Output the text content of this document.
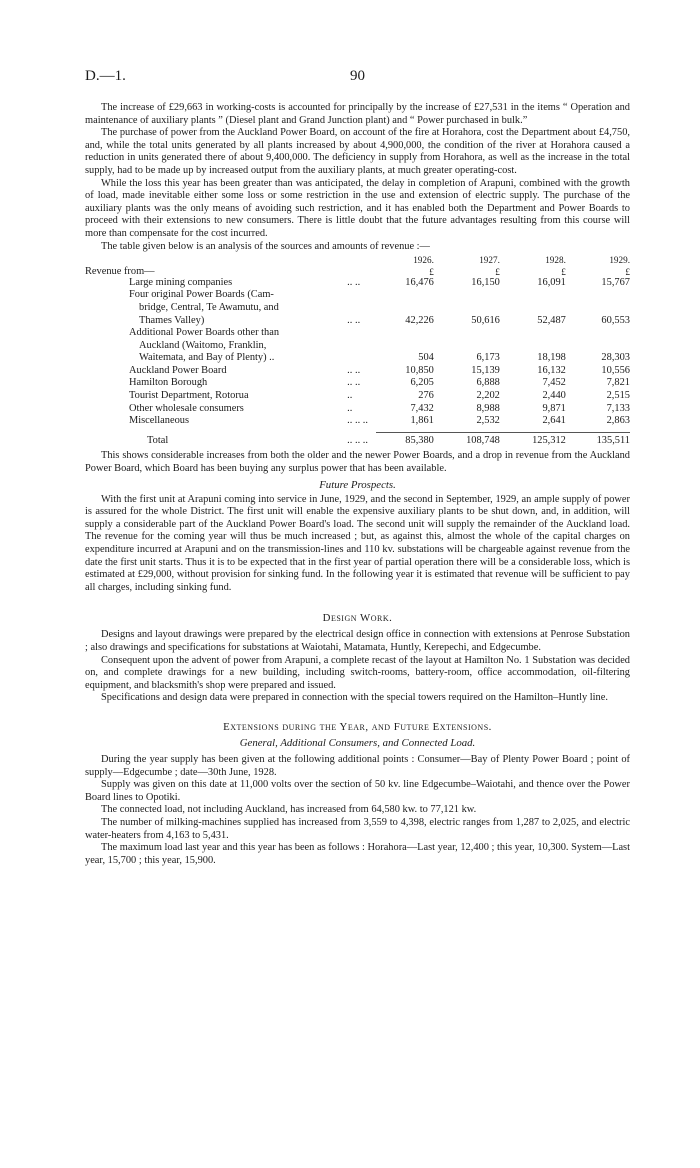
D.—1.	90

The increase of £29,663 in working-costs is accounted for principally by the increase of £27,531 in the items “ Operation and maintenance of auxiliary plants ” (Diesel plant and Grand Junction plant) and “ Power purchased in bulk.”

The purchase of power from the Auckland Power Board, on account of the fire at Horahora, cost the Department about £4,750, and, while the total units generated by all plants increased by about 4,900,000, the condition of the river at Horahora caused a reduction in units generated there of about 9,400,000. The deficiency in supply from Horahora, as well as the increase in the total supply, had to be made up by increased output from the auxiliary plants, at much greater operating-cost.

While the loss this year has been greater than was anticipated, the delay in completion of Arapuni, combined with the growth of load, made inevitable either some loss or some restriction in the use and extension of electric supply. The purchase of the auxiliary plants was the only means of avoiding such restriction, and it has enabled both the Department and Power Boards to proceed with their extensions to new consumers. There is little doubt that the future advantages resulting from this course will more than compensate for the cost incurred.

The table given below is an analysis of the sources and amounts of revenue :—

		1926.	1927.	1928.	1929.
Revenue from—		£	£	£	£
Large mining companies	.. ..	16,476	16,150	16,091	15,767
Four original Power Boards (Cam-					
bridge, Central, Te Awamutu, and					
Thames Valley)	.. ..	42,226	50,616	52,487	60,553
Additional Power Boards other than					
Auckland (Waitomo, Franklin,					
Waitemata, and Bay of Plenty) ..		504	6,173	18,198	28,303
Auckland Power Board	.. ..	10,850	15,139	16,132	10,556
Hamilton Borough	.. ..	6,205	6,888	7,452	7,821
Tourist Department, Rotorua	..	276	2,202	2,440	2,515
Other wholesale consumers	..	7,432	8,988	9,871	7,133
Miscellaneous	.. .. ..	1,861	2,532	2,641	2,863

Total	.. .. ..	85,380	108,748	125,312	135,511

This shows considerable increases from both the older and the newer Power Boards, and a drop in revenue from the Auckland Power Board, which Board has been buying any surplus power that has been available.

Future Prospects.

With the first unit at Arapuni coming into service in June, 1929, and the second in September, 1929, an ample supply of power is assured for the whole District. The first unit will enable the expensive auxiliary plants to be shut down, and, in addition, will supply a considerable part of the Auckland Power Board's load. The second unit will supply the remainder of the Auckland load. The revenue for the coming year will thus be much increased ; but, as against this, almost the whole of the capital charges on expenditure incurred at Arapuni and on the transmission-lines and 110 kv. substations will be chargeable against revenue from the date the first unit starts. Thus it is to be expected that in the first year of partial operation there will be a considerable loss, which is estimated at £29,000, without provision for sinking fund. In the following year it is estimated that revenue will be sufficient to pay all charges, including sinking fund.

Design Work.

Designs and layout drawings were prepared by the electrical design office in connection with extensions at Penrose Substation ; also drawings and specifications for substations at Waiotahi, Matamata, Huntly, Kerepechi, and Edgecumbe.

Consequent upon the advent of power from Arapuni, a complete recast of the layout at Hamilton No. 1 Substation was decided on, and complete drawings for a new building, including switch-rooms, battery-room, office accommodation, oil-filtering equipment, and blacksmith's shop were prepared and issued.

Specifications and design data were prepared in connection with the special towers required on the Hamilton–Huntly line.

Extensions during the Year, and Future Extensions.
General, Additional Consumers, and Connected Load.

During the year supply has been given at the following additional points : Consumer—Bay of Plenty Power Board ; point of supply—Edgecumbe ; date—30th June, 1928.

Supply was given on this date at 11,000 volts over the section of 50 kv. line Edgecumbe–Waiotahi, and thence over the Power Board lines to Opotiki.

The connected load, not including Auckland, has increased from 64,580 kw. to 77,121 kw.

The number of milking-machines supplied has increased from 3,559 to 4,398, electric ranges from 1,287 to 2,025, and electric water-heaters from 4,163 to 5,431.

The maximum load last year and this year has been as follows : Horahora—Last year, 12,400 ; this year, 10,300. System—Last year, 15,700 ; this year, 15,900.
